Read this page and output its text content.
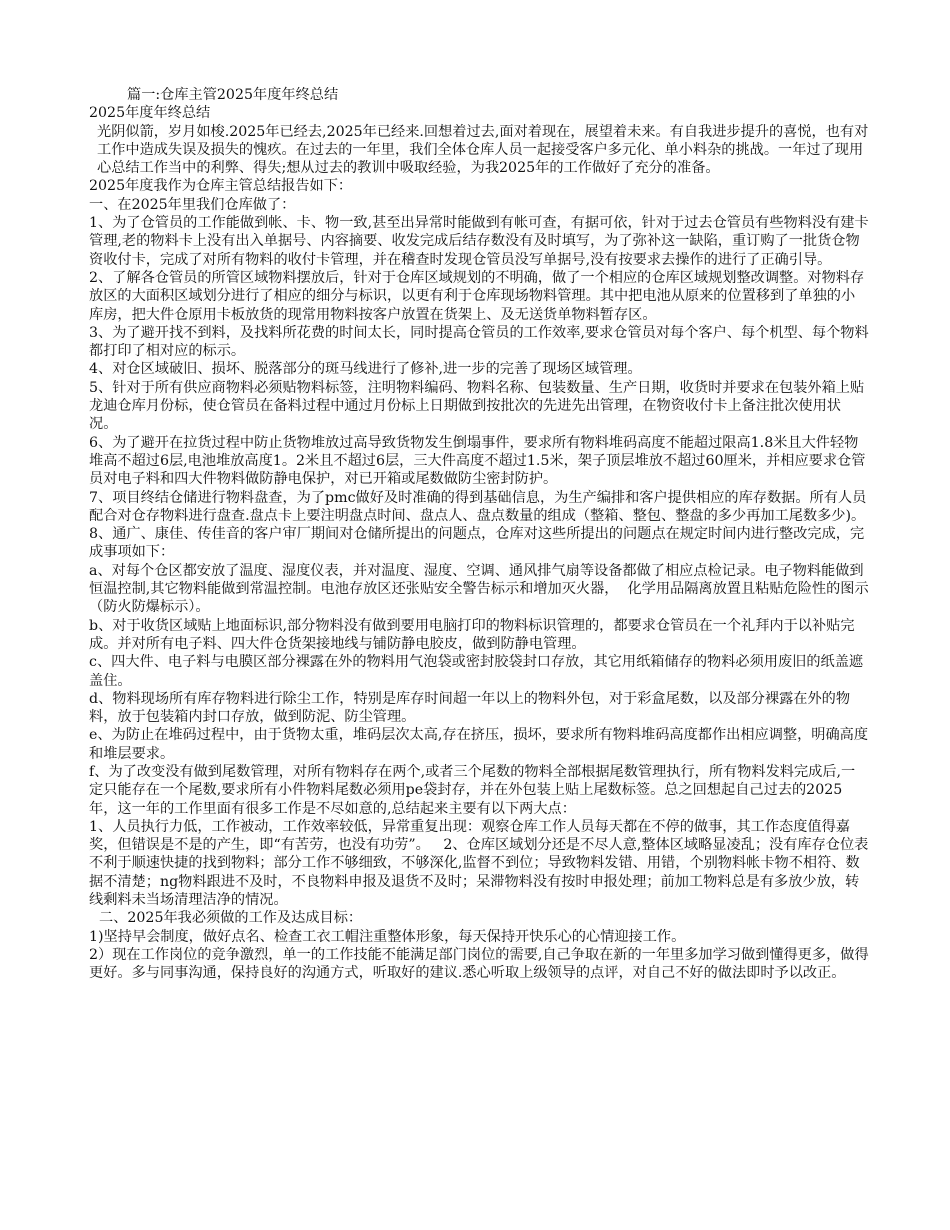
篇一:仓库主管2025年度年终总结

2025年度年终总结

光阴似箭，岁月如梭.2025年已经去,2025年已经来.回想着过去,面对着现在，展望着未来。有自我进步提升的喜悦，也有对工作中造成失误及损失的愧疚。在过去的一年里，我们全体仓库人员一起接受客户多元化、单小料杂的挑战。一年过了现用心总结工作当中的利弊、得失;想从过去的教训中吸取经验，为我2025年的工作做好了充分的准备。

2025年度我作为仓库主管总结报告如下：

一、在2025年里我们仓库做了：

1、为了仓管员的工作能做到帐、卡、物一致,甚至出异常时能做到有帐可查，有据可依，针对于过去仓管员有些物料没有建卡管理,老的物料卡上没有出入单据号、内容摘要、收发完成后结存数没有及时填写，为了弥补这一缺陷，重订购了一批货仓物资收付卡，完成了对所有物料的收付卡管理，并在稽查时发现仓管员没写单据号,没有按要求去操作的进行了正确引导。

2、了解各仓管员的所管区域物料摆放后，针对于仓库区域规划的不明确，做了一个相应的仓库区域规划整改调整。对物料存放区的大面积区域划分进行了相应的细分与标识，以更有利于仓库现场物料管理。其中把电池从原来的位置移到了单独的小库房，把大件仓原用卡板放货的现常用物料按客户放置在货架上、及无送货单物料暂存区。

3、为了避开找不到料，及找料所花费的时间太长，同时提高仓管员的工作效率,要求仓管员对每个客户、每个机型、每个物料都打印了相对应的标示。

4、对仓区域破旧、损坏、脱落部分的斑马线进行了修补,进一步的完善了现场区域管理。

5、针对于所有供应商物料必须贴物料标签，注明物料编码、物料名称、包装数量、生产日期，收货时并要求在包装外箱上贴龙迪仓库月份标，使仓管员在备料过程中通过月份标上日期做到按批次的先进先出管理，在物资收付卡上备注批次使用状况。

6、为了避开在拉货过程中防止货物堆放过高导致货物发生倒塌事件，要求所有物料堆码高度不能超过限高1.8米且大件轻物堆高不超过6层,电池堆放高度1。2米且不超过6层，三大件高度不超过1.5米，架子顶层堆放不超过60厘米，并相应要求仓管员对电子料和四大件物料做防静电保护，对已开箱或尾数做防尘密封防护。

7、项目终结仓储进行物料盘查，为了pmc做好及时准确的得到基础信息，为生产编排和客户提供相应的库存数据。所有人员配合对仓存物料进行盘查.盘点卡上要注明盘点时间、盘点人、盘点数量的组成（整箱、整包、整盘的多少再加工尾数多少)。

8、通广、康佳、传佳音的客户审厂期间对仓储所提出的问题点，仓库对这些所提出的问题点在规定时间内进行整改完成，完成事项如下：

a、对每个仓区都安放了温度、湿度仪表，并对温度、湿度、空调、通风排气扇等设备都做了相应点检记录。电子物料能做到恒温控制,其它物料能做到常温控制。电池存放区还张贴安全警告标示和增加灭火器，  化学用品隔离放置且粘贴危险性的图示（防火防爆标示）。

b、对于收货区域贴上地面标识,部分物料没有做到要用电脑打印的物料标识管理的，都要求仓管员在一个礼拜内于以补贴完成。并对所有电子料、四大件仓货架接地线与铺防静电胶皮，做到防静电管理。

c、四大件、电子料与电膜区部分裸露在外的物料用气泡袋或密封胶袋封口存放，其它用纸箱储存的物料必须用废旧的纸盖遮盖住。

d、物料现场所有库存物料进行除尘工作，特别是库存时间超一年以上的物料外包，对于彩盒尾数，以及部分裸露在外的物料，放于包装箱内封口存放，做到防泥、防尘管理。

e、为防止在堆码过程中，由于货物太重，堆码层次太高,存在挤压，损坏，要求所有物料堆码高度都作出相应调整，明确高度和堆层要求。

f、为了改变没有做到尾数管理，对所有物料存在两个,或者三个尾数的物料全部根据尾数管理执行，所有物料发料完成后,一定只能存在一个尾数,要求所有小件物料尾数必须用pe袋封存，并在外包装上贴上尾数标签。总之回想起自己过去的2025年，这一年的工作里面有很多工作是不尽如意的,总结起来主要有以下两大点：

1、人员执行力低，工作被动，工作效率较低，异常重复出现：观察仓库工作人员每天都在不停的做事，其工作态度值得嘉奖，但错误是不是的产生，即“有苦劳，也没有功劳”。   2、仓库区域划分还是不尽人意,整体区域略显凌乱；没有库存仓位表不利于顺速快捷的找到物料；部分工作不够细致，不够深化,监督不到位；导致物料发错、用错，个别物料帐卡物不相符、数据不清楚；ng物料跟进不及时，不良物料申报及退货不及时；呆滞物料没有按时申报处理；前加工物料总是有多放少放，转线剩料未当场清理洁净的情况。

二、2025年我必须做的工作及达成目标：

1)坚持早会制度，做好点名、检查工衣工帽注重整体形象，每天保持开快乐心的心情迎接工作。

2）现在工作岗位的竞争激烈，单一的工作技能不能满足部门岗位的需要,自己争取在新的一年里多加学习做到懂得更多，做得更好。多与同事沟通，保持良好的沟通方式，听取好的建议.悉心听取上级领导的点评，对自己不好的做法即时予以改正。
